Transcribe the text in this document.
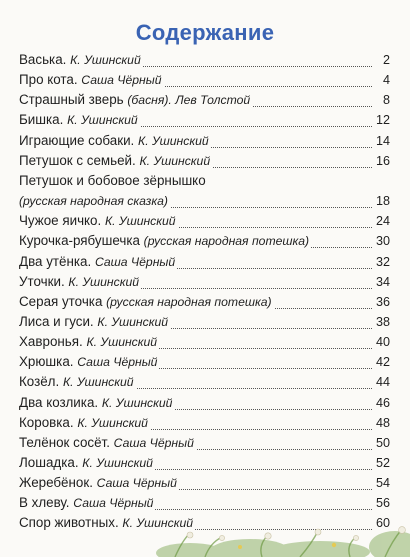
Содержание
Васька. К. Ушинский	2
Про кота. Саша Чёрный	4
Страшный зверь (басня). Лев Толстой	8
Бишка. К. Ушинский	12
Играющие собаки. К. Ушинский	14
Петушок с семьей. К. Ушинский	16
Петушок и бобовое зёрнышко
(русская народная сказка)	18
Чужое яичко. К. Ушинский	24
Курочка-рябушечка (русская народная потешка)	30
Два утёнка. Саша Чёрный	32
Уточки. К. Ушинский	34
Серая уточка (русская народная потешка)	36
Лиса и гуси. К. Ушинский	38
Хавронья. К. Ушинский	40
Хрюшка. Саша Чёрный	42
Козёл. К. Ушинский	44
Два козлика. К. Ушинский	46
Коровка. К. Ушинский	48
Телёнок сосёт. Саша Чёрный	50
Лошадка. К. Ушинский	52
Жеребёнок. Саша Чёрный	54
В хлеву. Саша Чёрный	56
Спор животных. К. Ушинский	60
